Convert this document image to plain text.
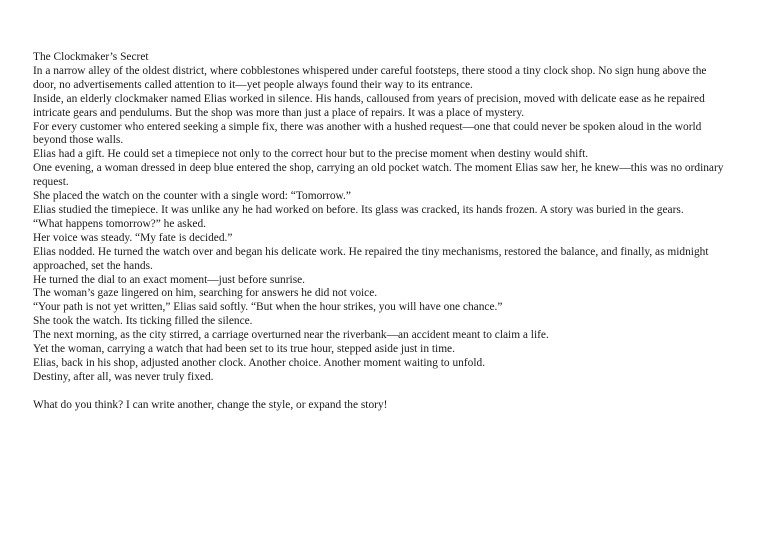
The Clockmaker’s Secret

In a narrow alley of the oldest district, where cobblestones whispered under careful footsteps, there stood a tiny clock shop. No sign hung above the door, no advertisements called attention to it—yet people always found their way to its entrance.

Inside, an elderly clockmaker named Elias worked in silence. His hands, calloused from years of precision, moved with delicate ease as he repaired intricate gears and pendulums. But the shop was more than just a place of repairs. It was a place of mystery.

For every customer who entered seeking a simple fix, there was another with a hushed request—one that could never be spoken aloud in the world beyond those walls.

Elias had a gift. He could set a timepiece not only to the correct hour but to the precise moment when destiny would shift.

One evening, a woman dressed in deep blue entered the shop, carrying an old pocket watch. The moment Elias saw her, he knew—this was no ordinary request.

She placed the watch on the counter with a single word: “Tomorrow.”

Elias studied the timepiece. It was unlike any he had worked on before. Its glass was cracked, its hands frozen. A story was buried in the gears.

“What happens tomorrow?” he asked.

Her voice was steady. “My fate is decided.”

Elias nodded. He turned the watch over and began his delicate work. He repaired the tiny mechanisms, restored the balance, and finally, as midnight approached, set the hands.

He turned the dial to an exact moment—just before sunrise.

The woman’s gaze lingered on him, searching for answers he did not voice.

“Your path is not yet written,” Elias said softly. “But when the hour strikes, you will have one chance.”

She took the watch. Its ticking filled the silence.

The next morning, as the city stirred, a carriage overturned near the riverbank—an accident meant to claim a life.

Yet the woman, carrying a watch that had been set to its true hour, stepped aside just in time.

Elias, back in his shop, adjusted another clock. Another choice. Another moment waiting to unfold.

Destiny, after all, was never truly fixed.

What do you think? I can write another, change the style, or expand the story!
